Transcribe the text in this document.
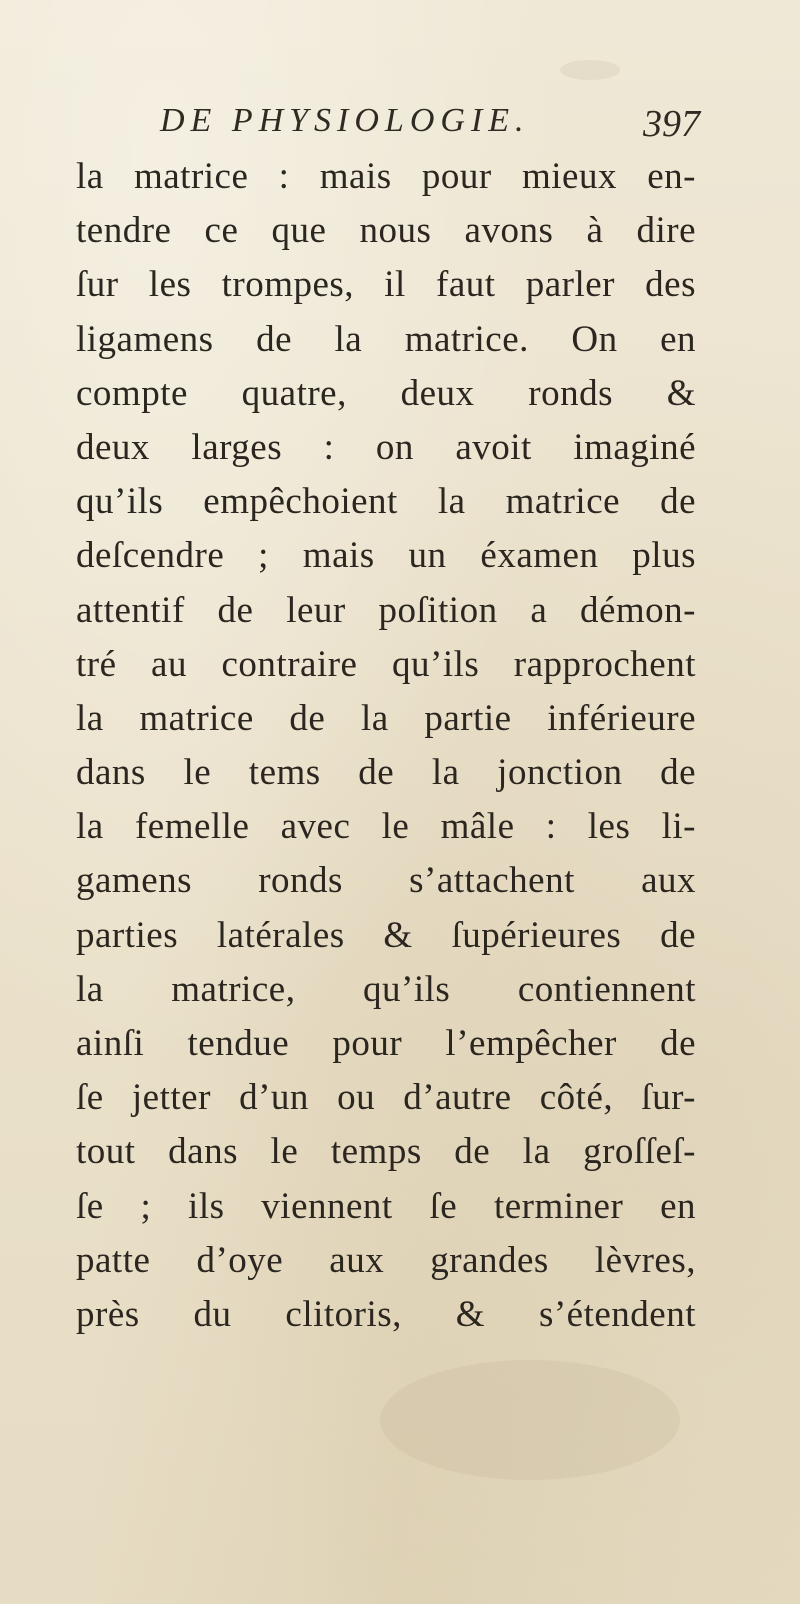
DE PHYSIOLOGIE.	397
la matrice : mais pour mieux en-
tendre ce que nous avons à dire
ſur les trompes, il faut parler des
ligamens de la matrice. On en
compte quatre, deux ronds &
deux larges : on avoit imaginé
qu’ils empêchoient la matrice de
deſcendre ; mais un éxamen plus
attentif de leur poſition a démon-
tré au contraire qu’ils rapprochent
la matrice de la partie inférieure
dans le tems de la jonction de
la femelle avec le mâle : les li-
gamens ronds s’attachent aux
parties latérales & ſupérieures de
la matrice, qu’ils contiennent
ainſi tendue pour l’empêcher de
ſe jetter d’un ou d’autre côté, ſur-
tout dans le temps de la groſſeſ-
ſe ; ils viennent ſe terminer en
patte d’oye aux grandes lèvres,
près du clitoris, & s’étendent
